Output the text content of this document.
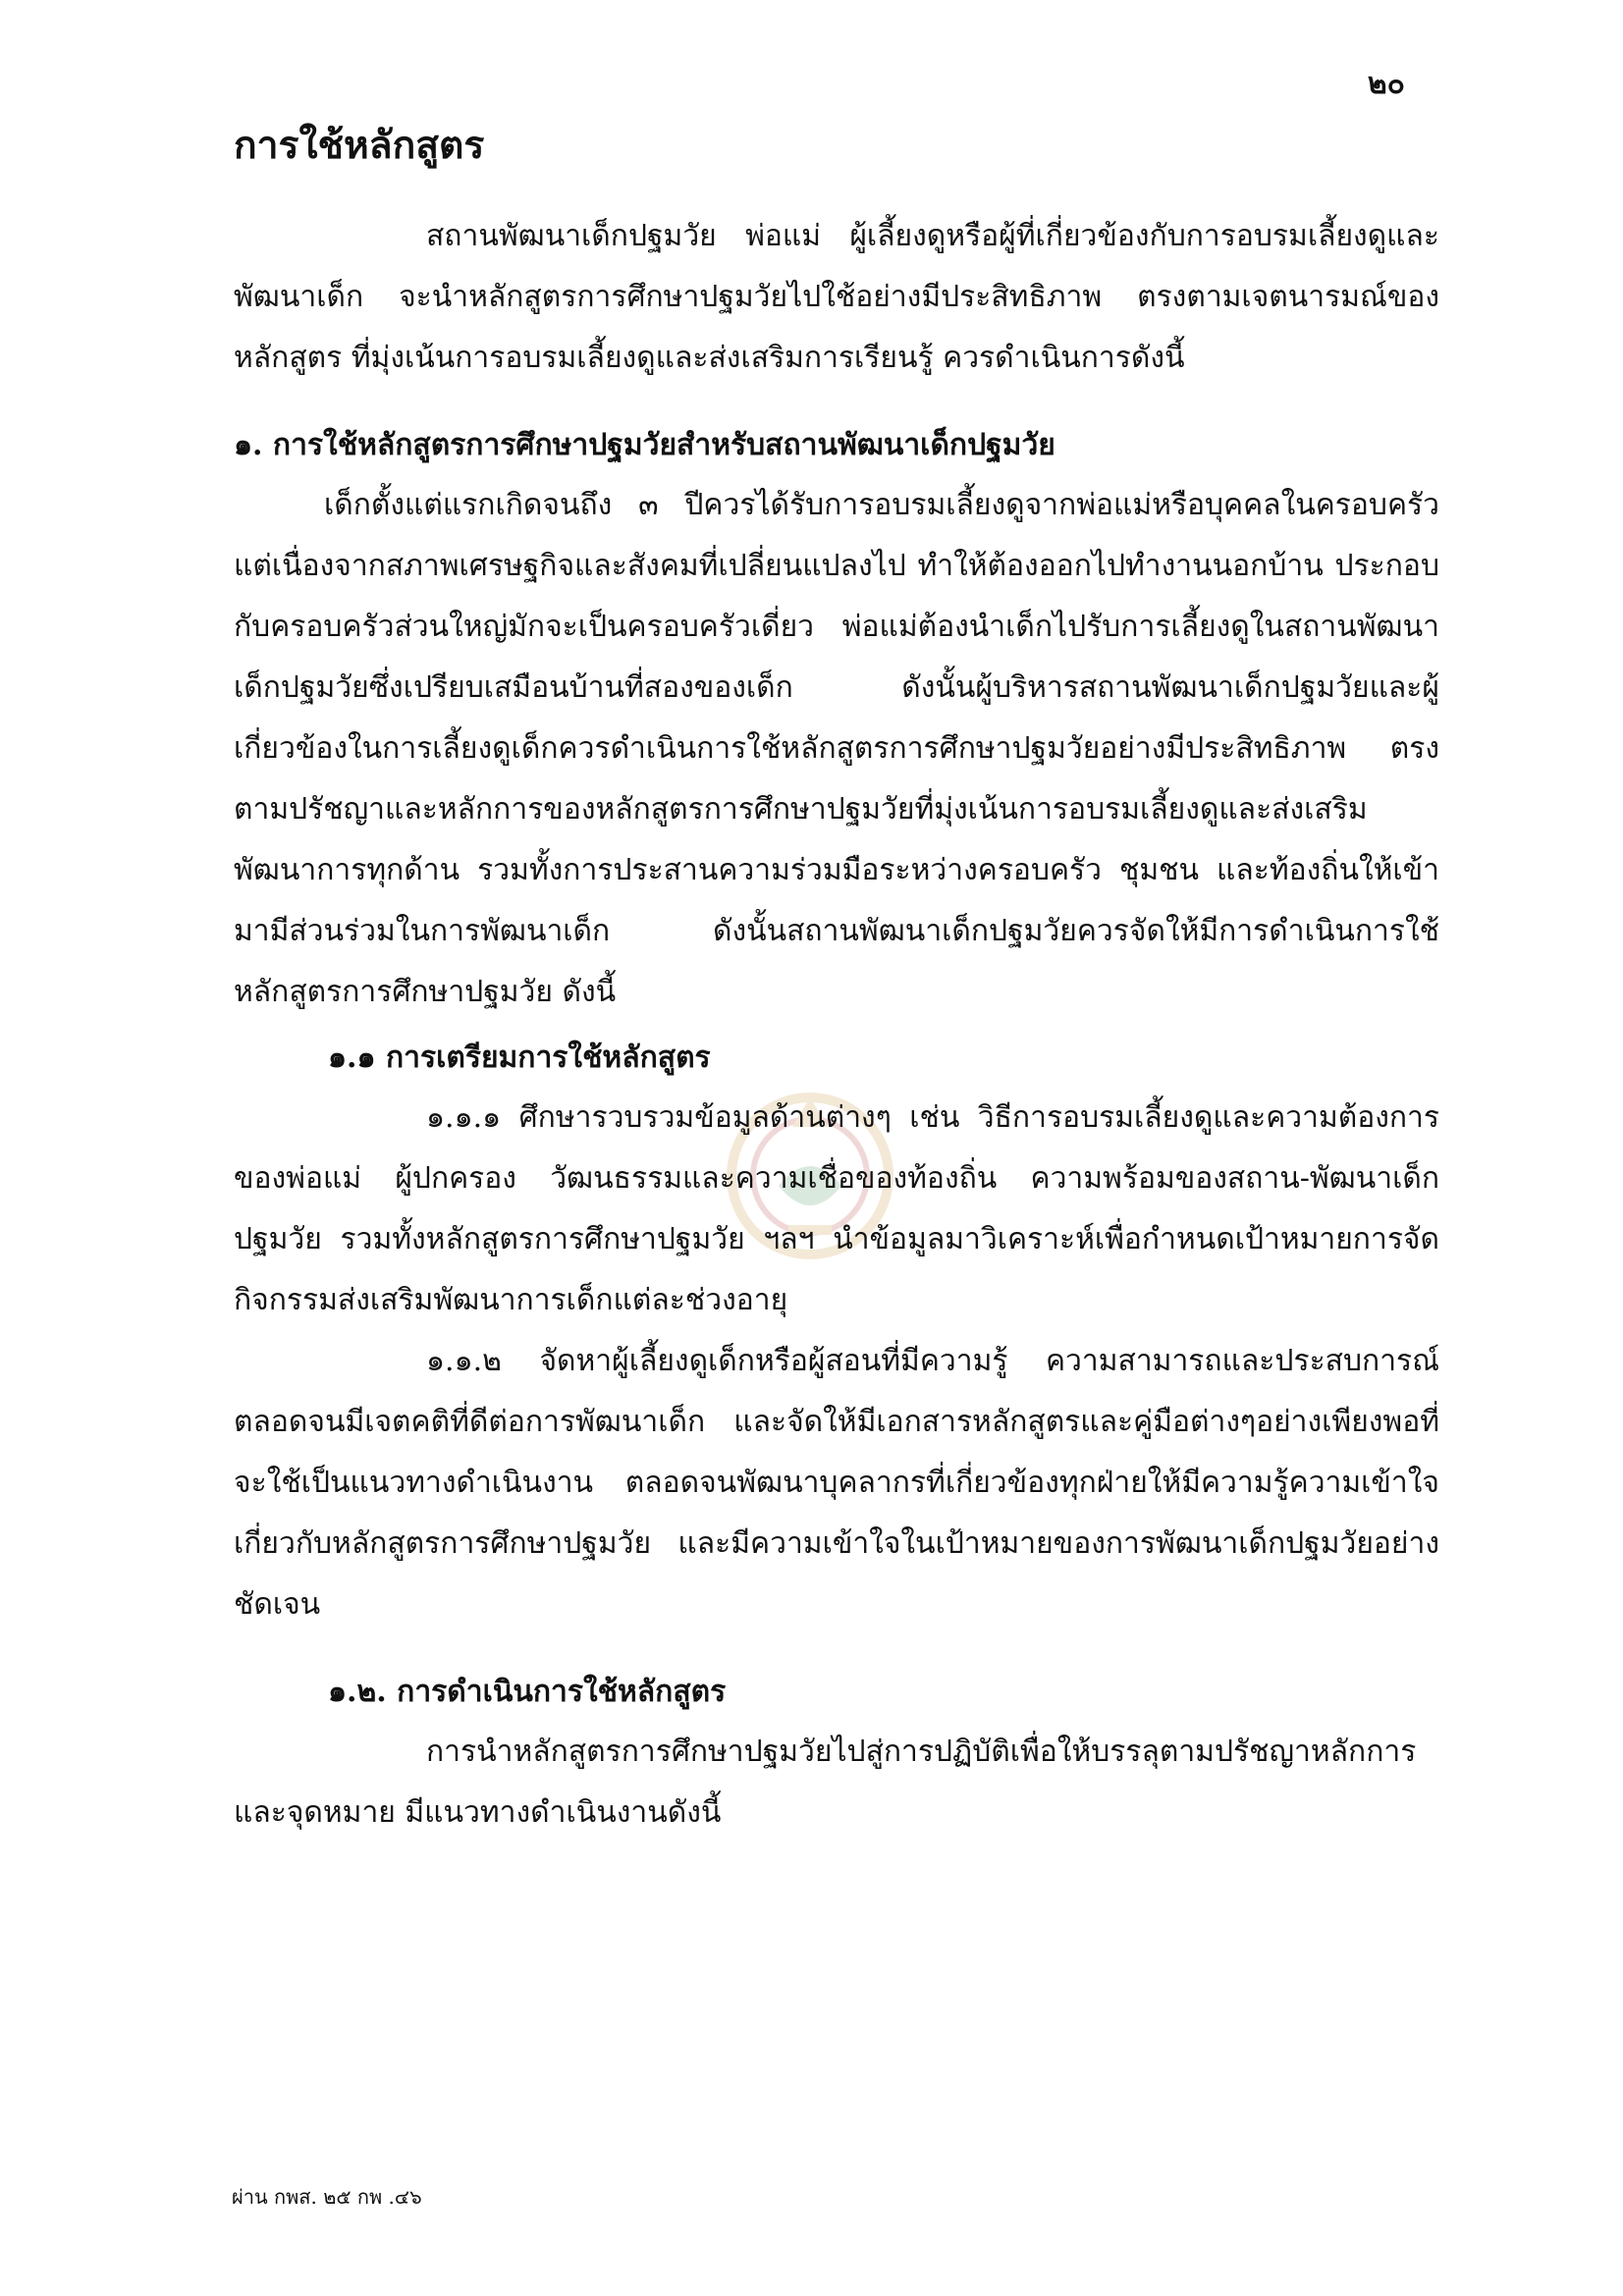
๒๐
การใช้หลักสูตร

สถานพัฒนาเด็กปฐมวัย พ่อแม่ ผู้เลี้ยงดูหรือผู้ที่เกี่ยวข้องกับการอบรมเลี้ยงดูและพัฒนาเด็ก จะนำหลักสูตรการศึกษาปฐมวัยไปใช้อย่างมีประสิทธิภาพ ตรงตามเจตนารมณ์ของหลักสูตร ที่มุ่งเน้นการอบรมเลี้ยงดูและส่งเสริมการเรียนรู้ ควรดำเนินการดังนี้

๑. การใช้หลักสูตรการศึกษาปฐมวัยสำหรับสถานพัฒนาเด็กปฐมวัย

เด็กตั้งแต่แรกเกิดจนถึง ๓ ปีควรได้รับการอบรมเลี้ยงดูจากพ่อแม่หรือบุคคลในครอบครัว แต่เนื่องจากสภาพเศรษฐกิจและสังคมที่เปลี่ยนแปลงไป ทำให้ต้องออกไปทำงานนอกบ้าน ประกอบกับครอบครัวส่วนใหญ่มักจะเป็นครอบครัวเดี่ยว พ่อแม่ต้องนำเด็กไปรับการเลี้ยงดูในสถานพัฒนาเด็กปฐมวัยซึ่งเปรียบเสมือนบ้านที่สองของเด็ก ดังนั้นผู้บริหารสถานพัฒนาเด็กปฐมวัยและผู้เกี่ยวข้องในการเลี้ยงดูเด็กควรดำเนินการใช้หลักสูตรการศึกษาปฐมวัยอย่างมีประสิทธิภาพ ตรงตามปรัชญาและหลักการของหลักสูตรการศึกษาปฐมวัยที่มุ่งเน้นการอบรมเลี้ยงดูและส่งเสริมพัฒนาการทุกด้าน รวมทั้งการประสานความร่วมมือระหว่างครอบครัว ชุมชน และท้องถิ่นให้เข้ามามีส่วนร่วมในการพัฒนาเด็ก ดังนั้นสถานพัฒนาเด็กปฐมวัยควรจัดให้มีการดำเนินการใช้หลักสูตรการศึกษาปฐมวัย ดังนี้

๑.๑ การเตรียมการใช้หลักสูตร

๑.๑.๑ ศึกษารวบรวมข้อมูลด้านต่างๆ เช่น วิธีการอบรมเลี้ยงดูและความต้องการของพ่อแม่ ผู้ปกครอง วัฒนธรรมและความเชื่อของท้องถิ่น ความพร้อมของสถาน-พัฒนาเด็กปฐมวัย รวมทั้งหลักสูตรการศึกษาปฐมวัย ฯลฯ นำข้อมูลมาวิเคราะห์เพื่อกำหนดเป้าหมายการจัดกิจกรรมส่งเสริมพัฒนาการเด็กแต่ละช่วงอายุ

๑.๑.๒ จัดหาผู้เลี้ยงดูเด็กหรือผู้สอนที่มีความรู้ ความสามารถและประสบการณ์ ตลอดจนมีเจตคติที่ดีต่อการพัฒนาเด็ก และจัดให้มีเอกสารหลักสูตรและคู่มือต่างๆอย่างเพียงพอที่จะใช้เป็นแนวทางดำเนินงาน ตลอดจนพัฒนาบุคลากรที่เกี่ยวข้องทุกฝ่ายให้มีความรู้ความเข้าใจเกี่ยวกับหลักสูตรการศึกษาปฐมวัย และมีความเข้าใจในเป้าหมายของการพัฒนาเด็กปฐมวัยอย่างชัดเจน

๑.๒. การดำเนินการใช้หลักสูตร

การนำหลักสูตรการศึกษาปฐมวัยไปสู่การปฏิบัติเพื่อให้บรรลุตามปรัชญาหลักการ และจุดหมาย มีแนวทางดำเนินงานดังนี้

ผ่าน กพส. ๒๕ กพ .๔๖
